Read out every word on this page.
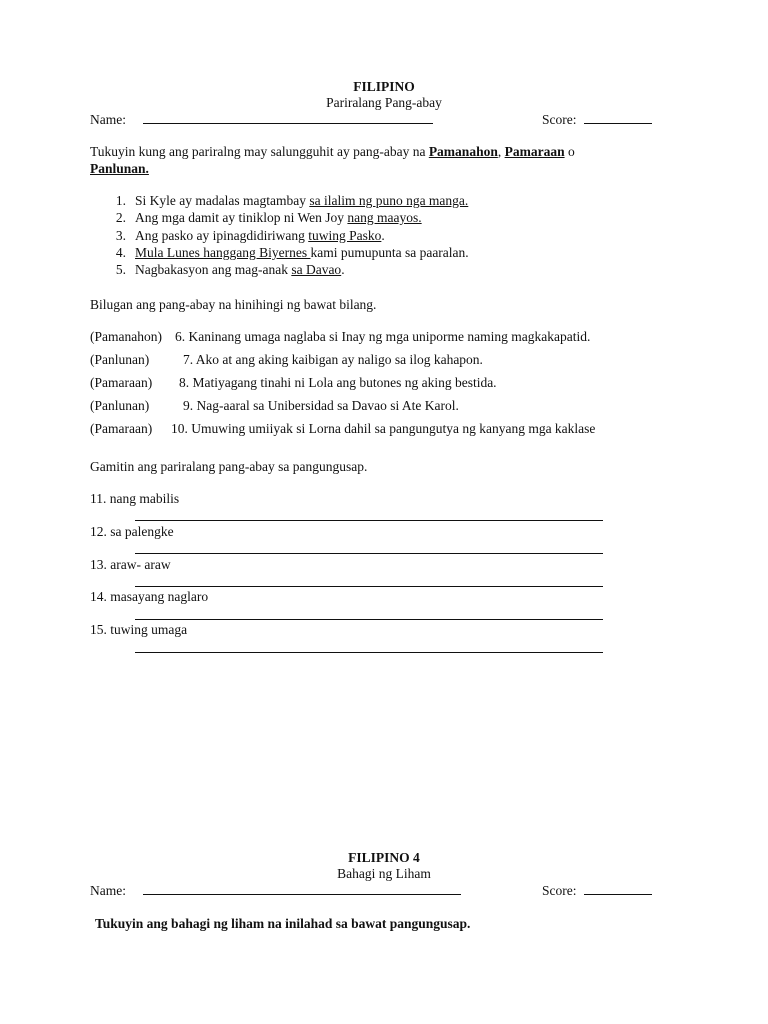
FILIPINO
Pariralang Pang-abay
Name:	Score:
Tukuyin kung ang pariralng may salungguhit ay pang-abay na Pamanahon, Pamaraan o
Panlunan.
1. Si Kyle ay madalas magtambay sa ilalim ng puno nga manga.
2. Ang mga damit ay tiniklop ni Wen Joy nang maayos.
3. Ang pasko ay ipinagdidiriwang tuwing Pasko.
4. Mula Lunes hanggang Biyernes kami pumupunta sa paaralan.
5. Nagbakasyon ang mag-anak sa Davao.
Bilugan ang pang-abay na hinihingi ng bawat bilang.
(Pamanahon) 6. Kaninang umaga naglaba si Inay ng mga uniporme naming magkakapatid.
(Panlunan)	7. Ako at ang aking kaibigan ay naligo sa ilog kahapon.
(Pamaraan) 8. Matiyagang tinahi ni Lola ang butones ng aking bestida.
(Panlunan)	9. Nag-aaral sa Unibersidad sa Davao si Ate Karol.
(Pamaraan) 10. Umuwing umiiyak si Lorna dahil sa pangungutya ng kanyang mga kaklase
Gamitin ang pariralang pang-abay sa pangungusap.
11. nang mabilis
12. sa palengke
13. araw- araw
14. masayang naglaro
15. tuwing umaga
FILIPINO 4
Bahagi ng Liham
Name:	Score:
Tukuyin ang bahagi ng liham na inilahad sa bawat pangungusap.
